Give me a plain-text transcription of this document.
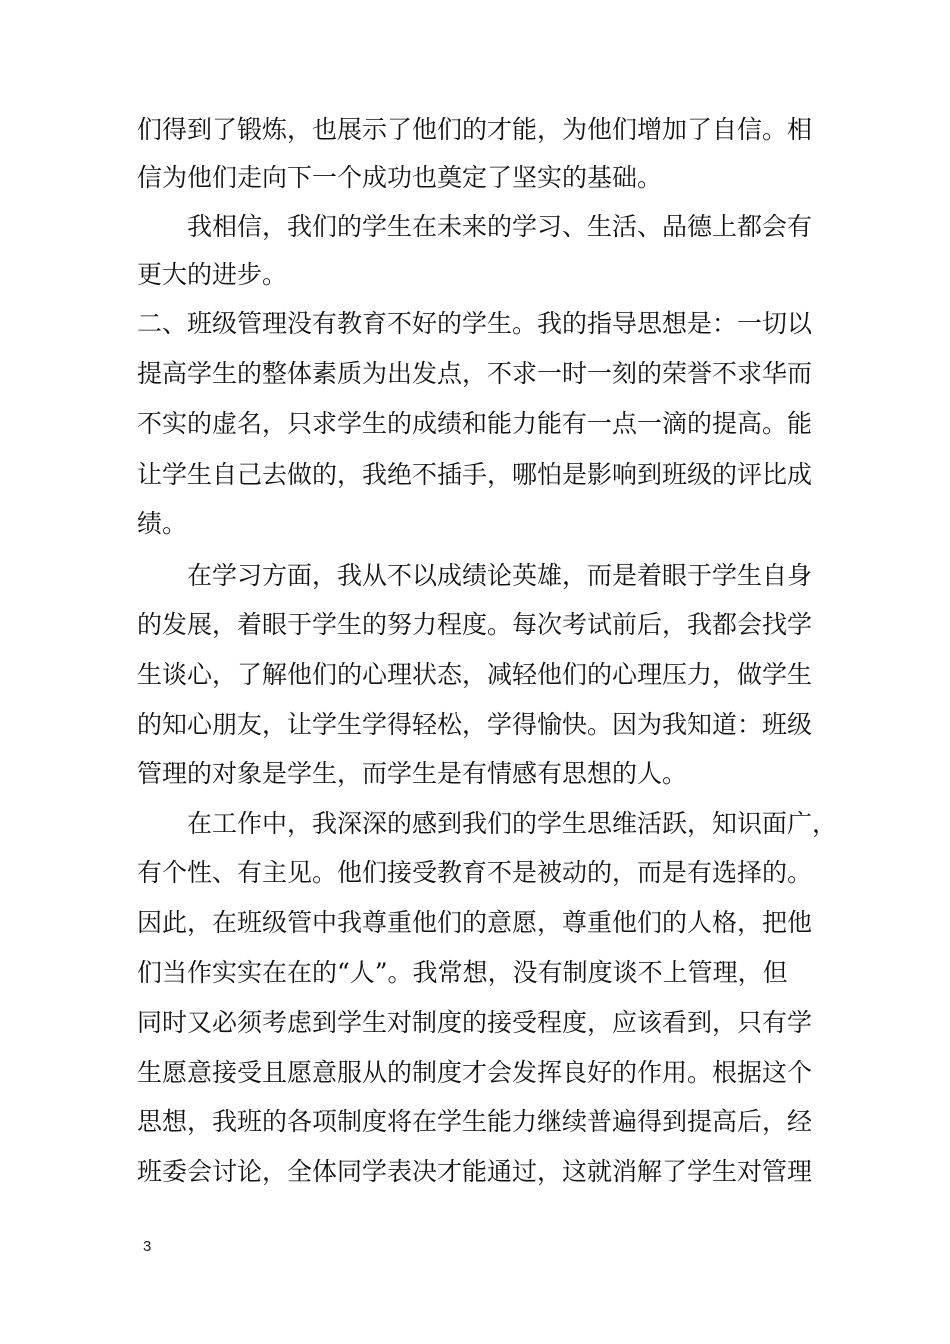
们得到了锻炼，也展示了他们的才能，为他们增加了自信。相
信为他们走向下一个成功也奠定了坚实的基础。
我相信，我们的学生在未来的学习、生活、品德上都会有
更大的进步。
二、班级管理没有教育不好的学生。我的指导思想是：一切以
提高学生的整体素质为出发点，不求一时一刻的荣誉不求华而
不实的虚名，只求学生的成绩和能力能有一点一滴的提高。能
让学生自己去做的，我绝不插手，哪怕是影响到班级的评比成
绩。
在学习方面，我从不以成绩论英雄，而是着眼于学生自身
的发展，着眼于学生的努力程度。每次考试前后，我都会找学
生谈心，了解他们的心理状态，减轻他们的心理压力，做学生
的知心朋友，让学生学得轻松，学得愉快。因为我知道：班级
管理的对象是学生，而学生是有情感有思想的人。
在工作中，我深深的感到我们的学生思维活跃，知识面广，
有个性、有主见。他们接受教育不是被动的，而是有选择的。
因此，在班级管中我尊重他们的意愿，尊重他们的人格，把他
们当作实实在在的“人”。我常想，没有制度谈不上管理，但
同时又必须考虑到学生对制度的接受程度，应该看到，只有学
生愿意接受且愿意服从的制度才会发挥良好的作用。根据这个
思想，我班的各项制度将在学生能力继续普遍得到提高后，经
班委会讨论，全体同学表决才能通过，这就消解了学生对管理
3
